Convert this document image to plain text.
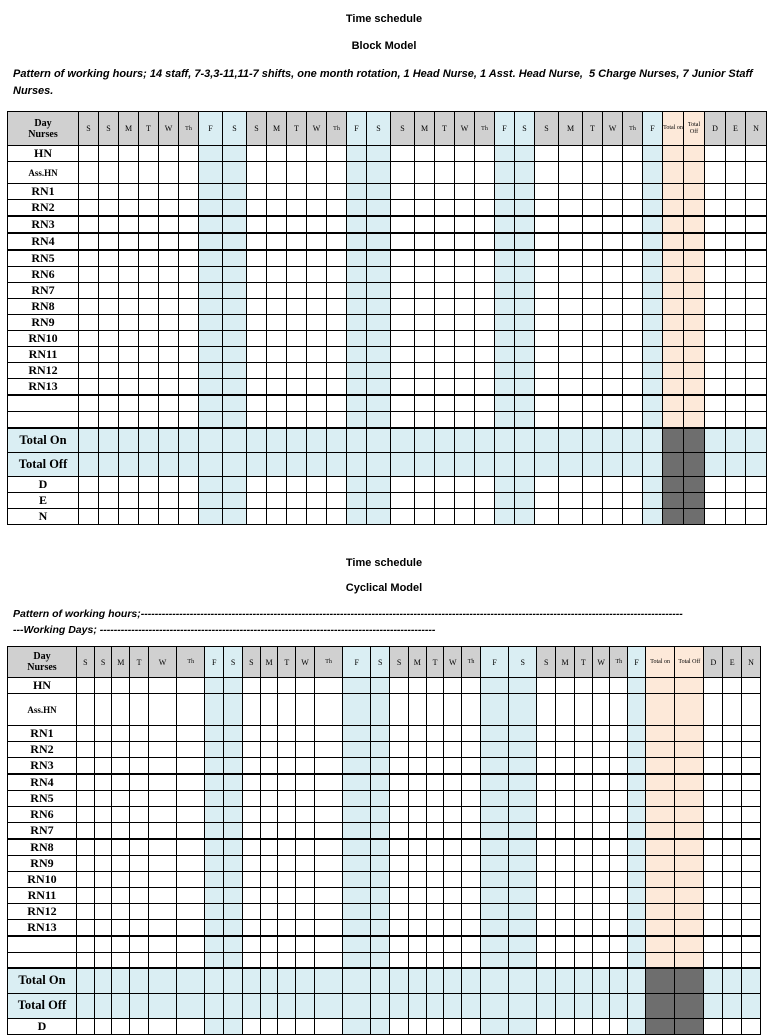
Time schedule
Block Model

Pattern of working hours; 14 staff, 7-3,3-11,11-7 shifts, one month rotation, 1 Head Nurse, 1 Asst. Head Nurse,  5 Charge Nurses, 7 Junior Staff Nurses.

Day
Nurses	S	S	M	T	W	Th	F	S	S	M	T	W	Th	F	S	S	M	T	W	Th	F	S	S	M	T	W	Th	F	Total on	Total Off	D	E	N
HN																																	
Ass.HN																																	
RN1																																	
RN2																																	
RN3																																	
RN4																																	
RN5																																	
RN6																																	
RN7																																	
RN8																																	
RN9																																	
RN10																																	
RN11																																	
RN12																																	
RN13																																	

Total On																																	
Total Off																																	
D																																	
E																																	
N																																	
Time schedule
Cyclical Model

Pattern of working hours;-----------------------------------------------------------------------------------------------------------------------------------------------------------

---Working Days; ------------------------------------------------------------------------------------------------

Day
Nurses	S	S	M	T	W	Th	F	S	S	M	T	W	Th	F	S	S	M	T	W	Th	F	S	S	M	T	W	Th	F	Total on	Total Off	D	E	N
HN																																	
Ass.HN																																	
RN1																																	
RN2																																	
RN3																																	
RN4																																	
RN5																																	
RN6																																	
RN7																																	
RN8																																	
RN9																																	
RN10																																	
RN11																																	
RN12																																	
RN13																																	

Total On																																	
Total Off																																	
D																																	
